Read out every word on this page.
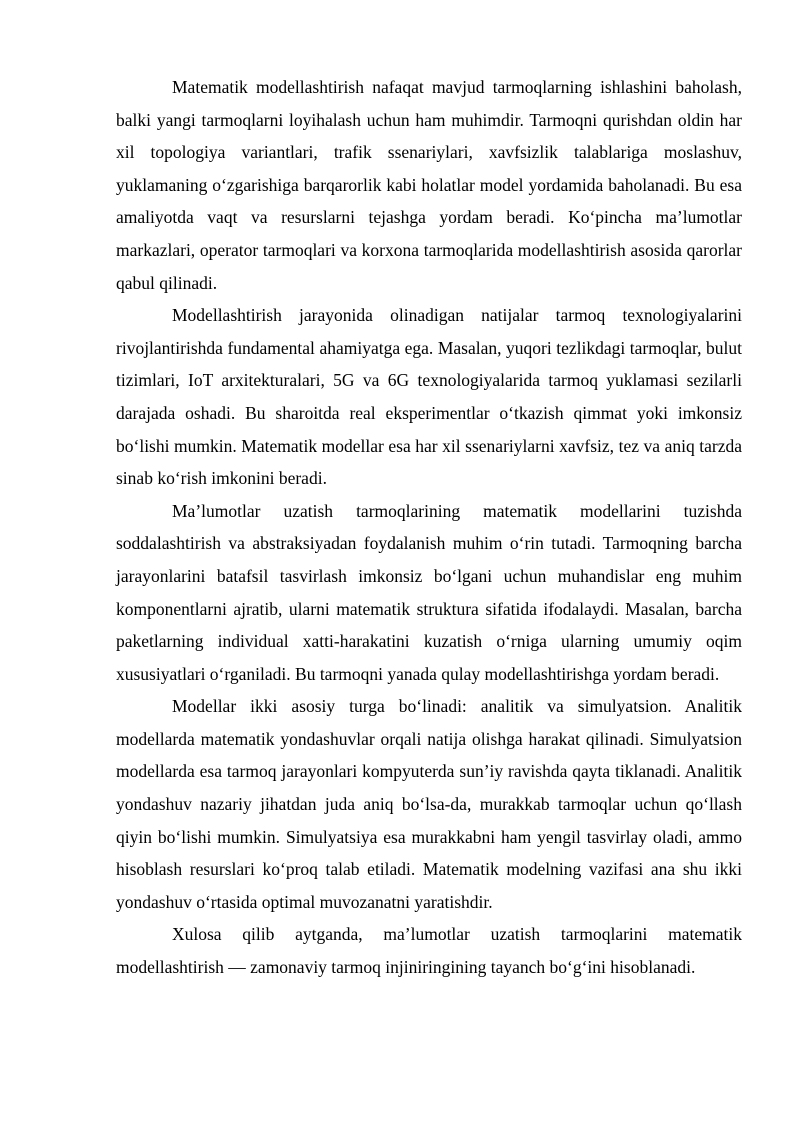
Matematik modellashtirish nafaqat mavjud tarmoqlarning ishlashini baholash, balki yangi tarmoqlarni loyihalash uchun ham muhimdir. Tarmoqni qurishdan oldin har xil topologiya variantlari, trafik ssenariylari, xavfsizlik talablariga moslashuv, yuklamaning o‘zgarishiga barqarorlik kabi holatlar model yordamida baholanadi. Bu esa amaliyotda vaqt va resurslarni tejashga yordam beradi. Ko‘pincha ma’lumotlar markazlari, operator tarmoqlari va korxona tarmoqlarida modellashtirish asosida qarorlar qabul qilinadi.

Modellashtirish jarayonida olinadigan natijalar tarmoq texnologiyalarini rivojlantirishda fundamental ahamiyatga ega. Masalan, yuqori tezlikdagi tarmoqlar, bulut tizimlari, IoT arxitekturalari, 5G va 6G texnologiyalarida tarmoq yuklamasi sezilarli darajada oshadi. Bu sharoitda real eksperimentlar o‘tkazish qimmat yoki imkonsiz bo‘lishi mumkin. Matematik modellar esa har xil ssenariylarni xavfsiz, tez va aniq tarzda sinab ko‘rish imkonini beradi.

Ma’lumotlar uzatish tarmoqlarining matematik modellarini tuzishda soddalashtirish va abstraksiyadan foydalanish muhim o‘rin tutadi. Tarmoqning barcha jarayonlarini batafsil tasvirlash imkonsiz bo‘lgani uchun muhandislar eng muhim komponentlarni ajratib, ularni matematik struktura sifatida ifodalaydi. Masalan, barcha paketlarning individual xatti-harakatini kuzatish o‘rniga ularning umumiy oqim xususiyatlari o‘rganiladi. Bu tarmoqni yanada qulay modellashtirishga yordam beradi.

Modellar ikki asosiy turga bo‘linadi: analitik va simulyatsion. Analitik modellarda matematik yondashuvlar orqali natija olishga harakat qilinadi. Simulyatsion modellarda esa tarmoq jarayonlari kompyuterda sun’iy ravishda qayta tiklanadi. Analitik yondashuv nazariy jihatdan juda aniq bo‘lsa-da, murakkab tarmoqlar uchun qo‘llash qiyin bo‘lishi mumkin. Simulyatsiya esa murakkabni ham yengil tasvirlay oladi, ammo hisoblash resurslari ko‘proq talab etiladi. Matematik modelning vazifasi ana shu ikki yondashuv o‘rtasida optimal muvozanatni yaratishdir.

Xulosa qilib aytganda, ma’lumotlar uzatish tarmoqlarini matematik modellashtirish — zamonaviy tarmoq injiniringining tayanch bo‘g‘ini hisoblanadi.
